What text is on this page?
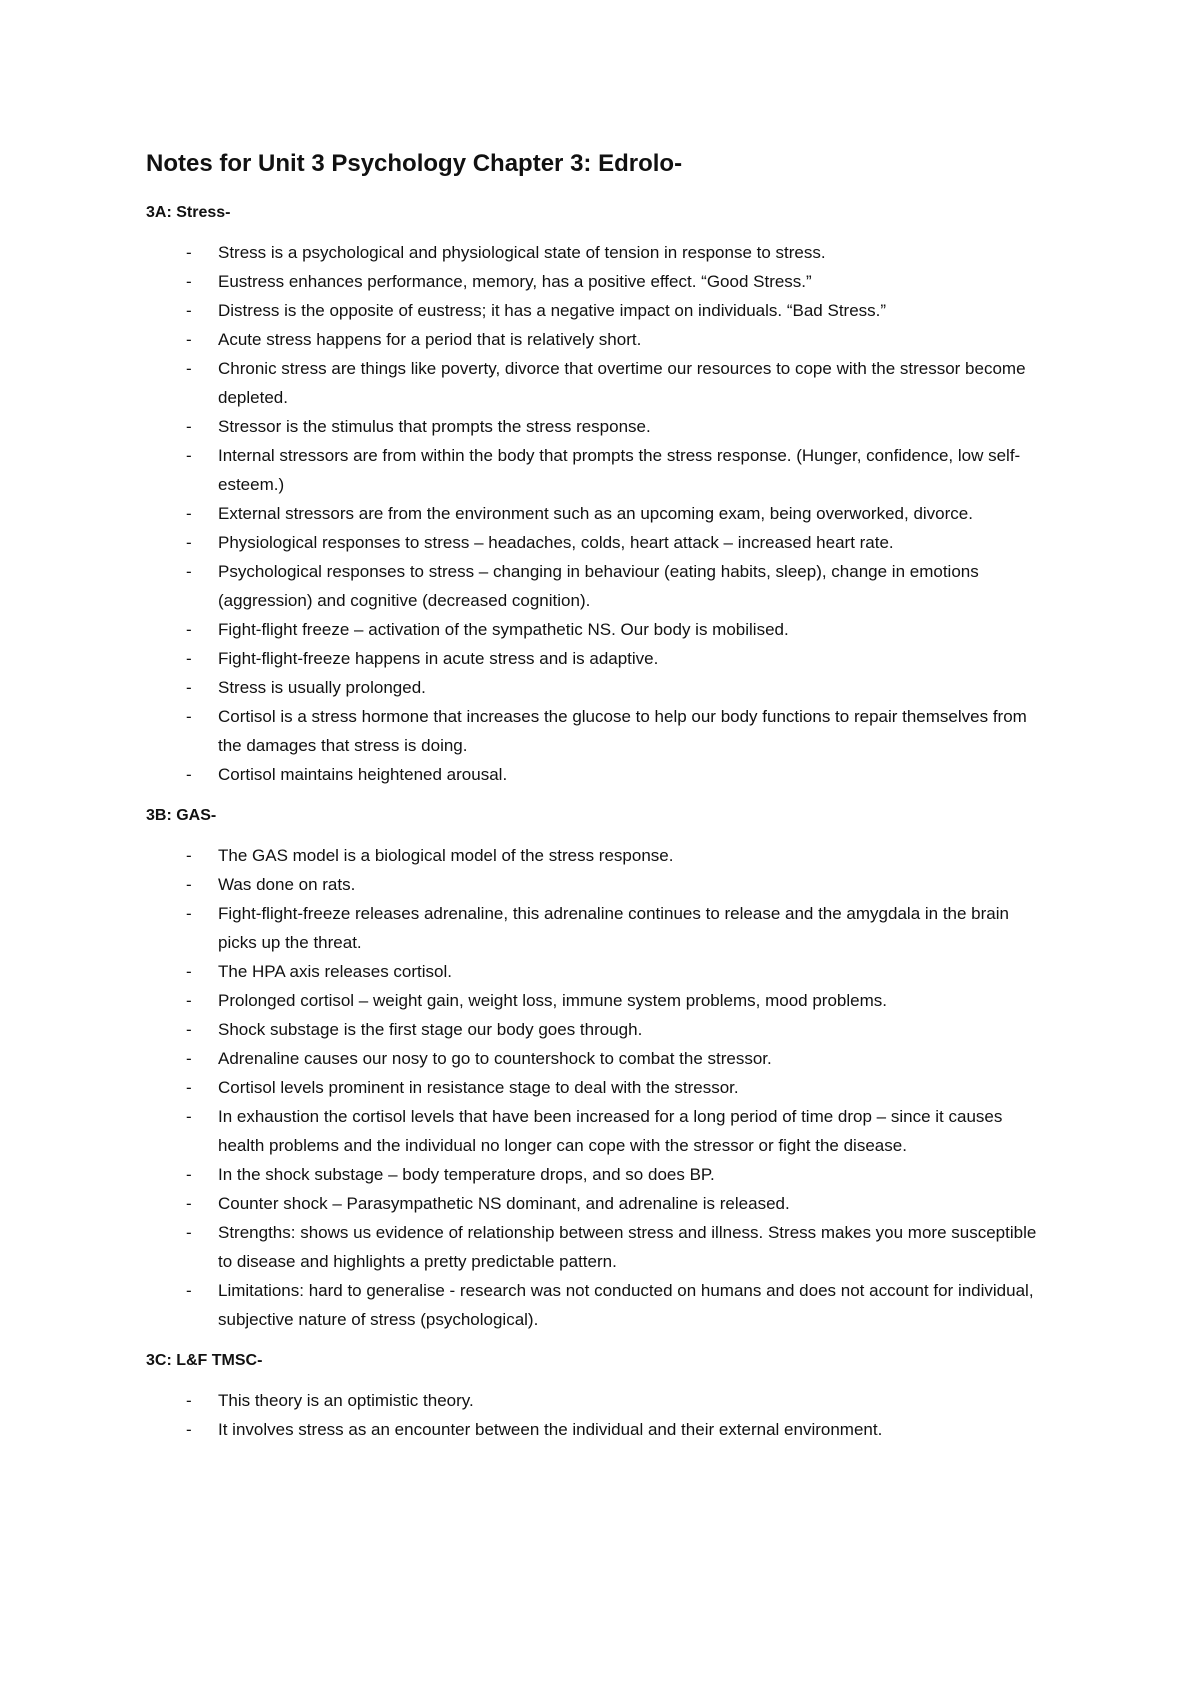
Notes for Unit 3 Psychology Chapter 3: Edrolo-
3A: Stress-
-	Stress is a psychological and physiological state of tension in response to stress.
-	Eustress enhances performance, memory, has a positive effect. “Good Stress.”
-	Distress is the opposite of eustress; it has a negative impact on individuals. “Bad Stress.”
-	Acute stress happens for a period that is relatively short.
-	Chronic stress are things like poverty, divorce that overtime our resources to cope with the stressor become depleted.
-	Stressor is the stimulus that prompts the stress response.
-	Internal stressors are from within the body that prompts the stress response. (Hunger, confidence, low self-esteem.)
-	External stressors are from the environment such as an upcoming exam, being overworked, divorce.
-	Physiological responses to stress – headaches, colds, heart attack – increased heart rate.
-	Psychological responses to stress – changing in behaviour (eating habits, sleep), change in emotions (aggression) and cognitive (decreased cognition).
-	Fight-flight freeze – activation of the sympathetic NS. Our body is mobilised.
-	Fight-flight-freeze happens in acute stress and is adaptive.
-	Stress is usually prolonged.
-	Cortisol is a stress hormone that increases the glucose to help our body functions to repair themselves from the damages that stress is doing.
-	Cortisol maintains heightened arousal.
3B: GAS-
-	The GAS model is a biological model of the stress response.
-	Was done on rats.
-	Fight-flight-freeze releases adrenaline, this adrenaline continues to release and the amygdala in the brain picks up the threat.
-	The HPA axis releases cortisol.
-	Prolonged cortisol – weight gain, weight loss, immune system problems, mood problems.
-	Shock substage is the first stage our body goes through.
-	Adrenaline causes our nosy to go to countershock to combat the stressor.
-	Cortisol levels prominent in resistance stage to deal with the stressor.
-	In exhaustion the cortisol levels that have been increased for a long period of time drop – since it causes health problems and the individual no longer can cope with the stressor or fight the disease.
-	In the shock substage – body temperature drops, and so does BP.
-	Counter shock – Parasympathetic NS dominant, and adrenaline is released.
-	Strengths: shows us evidence of relationship between stress and illness. Stress makes you more susceptible to disease and highlights a pretty predictable pattern.
-	Limitations: hard to generalise - research was not conducted on humans and does not account for individual, subjective nature of stress (psychological).
3C: L&F TMSC-
-	This theory is an optimistic theory.
-	It involves stress as an encounter between the individual and their external environment.
